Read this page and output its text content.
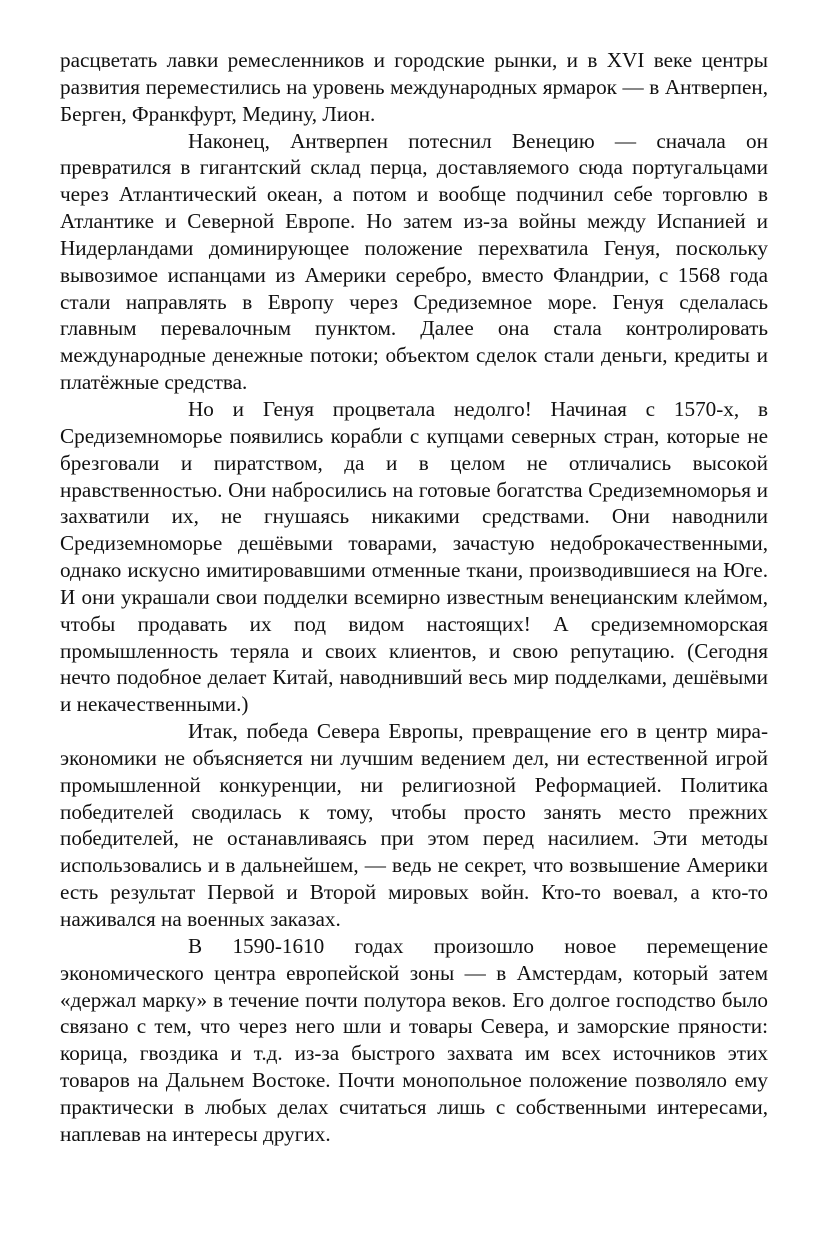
расцветать лавки ремесленников и городские рынки, и в XVI веке центры развития переместились на уровень международных ярмарок — в Антверпен, Берген, Франкфурт, Медину, Лион.

Наконец, Антверпен потеснил Венецию — сначала он превратился в гигантский склад перца, доставляемого сюда португальцами через Атлантический океан, а потом и вообще подчинил себе торговлю в Атлантике и Северной Европе. Но затем из-за войны между Испанией и Нидерландами доминирующее положение перехватила Генуя, поскольку вывозимое испанцами из Америки серебро, вместо Фландрии, с 1568 года стали направлять в Европу через Средиземное море. Генуя сделалась главным перевалочным пунктом. Далее она стала контролировать международные денежные потоки; объектом сделок стали деньги, кредиты и платёжные средства.

Но и Генуя процветала недолго! Начиная с 1570-х, в Средиземноморье появились корабли с купцами северных стран, которые не брезговали и пиратством, да и в целом не отличались высокой нравственностью. Они набросились на готовые богатства Средиземноморья и захватили их, не гнушаясь никакими средствами. Они наводнили Средиземноморье дешёвыми товарами, зачастую недоброкачественными, однако искусно имитировавшими отменные ткани, производившиеся на Юге. И они украшали свои подделки всемирно известным венецианским клеймом, чтобы продавать их под видом настоящих! А средиземноморская промышленность теряла и своих клиентов, и свою репутацию. (Сегодня нечто подобное делает Китай, наводнивший весь мир подделками, дешёвыми и некачественными.)

Итак, победа Севера Европы, превращение его в центр мира-экономики не объясняется ни лучшим ведением дел, ни естественной игрой промышленной конкуренции, ни религиозной Реформацией. Политика победителей сводилась к тому, чтобы просто занять место прежних победителей, не останавливаясь при этом перед насилием. Эти методы использовались и в дальнейшем, — ведь не секрет, что возвышение Америки есть результат Первой и Второй мировых войн. Кто-то воевал, а кто-то наживался на военных заказах.

В 1590-1610 годах произошло новое перемещение экономического центра европейской зоны — в Амстердам, который затем «держал марку» в течение почти полутора веков. Его долгое господство было связано с тем, что через него шли и товары Севера, и заморские пряности: корица, гвоздика и т.д. из-за быстрого захвата им всех источников этих товаров на Дальнем Востоке. Почти монопольное положение позволяло ему практически в любых делах считаться лишь с собственными интересами, наплевав на интересы других.
